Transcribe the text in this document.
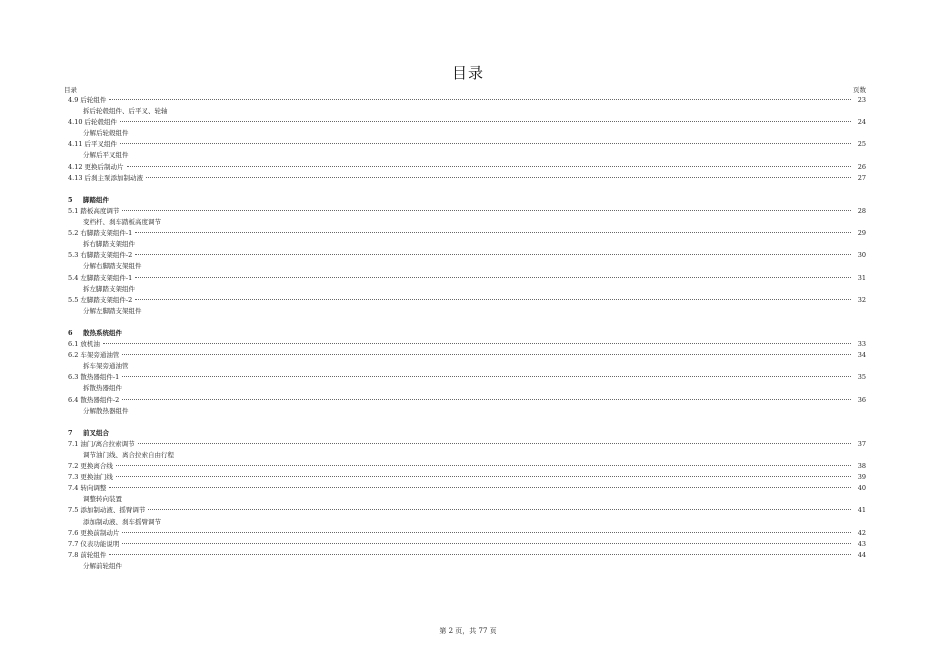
目录
目录	页数
4.9 后轮组件	23
拆后轮毂组件、后平叉、轮轴
4.10 后轮毂组件	24
分解后轮毂组件
4.11 后平叉组件	25
分解后平叉组件
4.12 更换后制动片	26
4.13 后刹主泵添加制动液	27
5	脚踏组件
5.1 踏板高度调节	28
变档杆、刹车踏板高度调节
5.2 右脚踏支架组件-1	29
拆右脚踏支架组件
5.3 右脚踏支架组件-2	30
分解右脚踏支架组件
5.4 左脚踏支架组件-1	31
拆左脚踏支架组件
5.5 左脚踏支架组件-2	32
分解左脚踏支架组件
6	散热系统组件
6.1 放机油	33
6.2 车架旁通油管	34
拆车架旁通油管
6.3 散热器组件-1	35
拆散热器组件
6.4 散热器组件-2	36
分解散热器组件
7	前叉组合
7.1 油门/离合拉索调节	37
调节油门线、离合拉索自由行程
7.2 更换离合线	38
7.3 更换油门线	39
7.4 转向调整	40
调整转向装置
7.5 添加制动液、摇臂调节	41
添加制动液、刹车摇臂调节
7.6 更换前制动片	42
7.7 仪表功能说明	43
7.8 前轮组件	44
分解前轮组件
第 2 页，共 77 页
